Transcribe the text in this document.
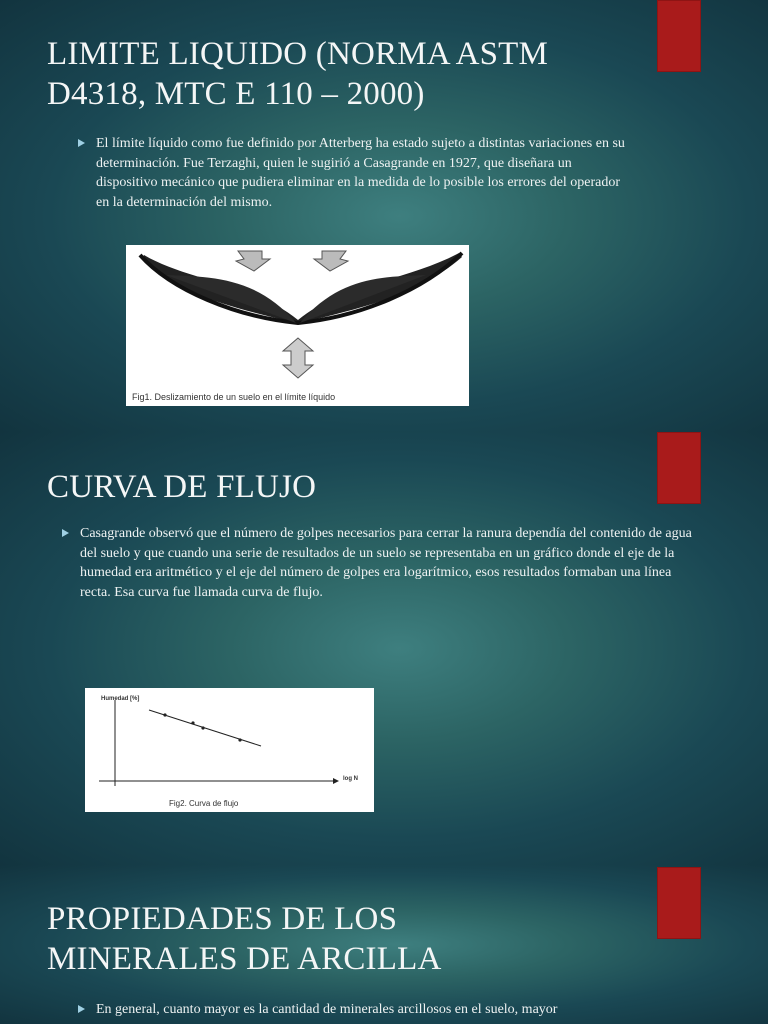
LIMITE LIQUIDO (NORMA ASTM
D4318, MTC E 110 – 2000)
El límite líquido como fue definido por Atterberg ha estado sujeto a distintas variaciones en su determinación. Fue Terzaghi, quien le sugirió a Casagrande en 1927, que diseñara un dispositivo mecánico que pudiera eliminar en la medida de lo posible los errores del operador en la determinación del mismo.
Fig1. Deslizamiento de un suelo en el límite líquido
CURVA DE FLUJO
Casagrande observó que el número de golpes necesarios para cerrar la ranura dependía del contenido de agua del suelo y que cuando una serie de resultados de un suelo se representaba en un gráfico donde el eje de la humedad era aritmético y el eje del número de golpes era logarítmico, esos resultados formaban una línea recta. Esa curva fue llamada curva de flujo.
Humedad [%]
log N
Fig2. Curva de flujo
PROPIEDADES DE LOS
MINERALES DE ARCILLA
En general, cuanto mayor es la cantidad de minerales arcillosos en el suelo, mayor
